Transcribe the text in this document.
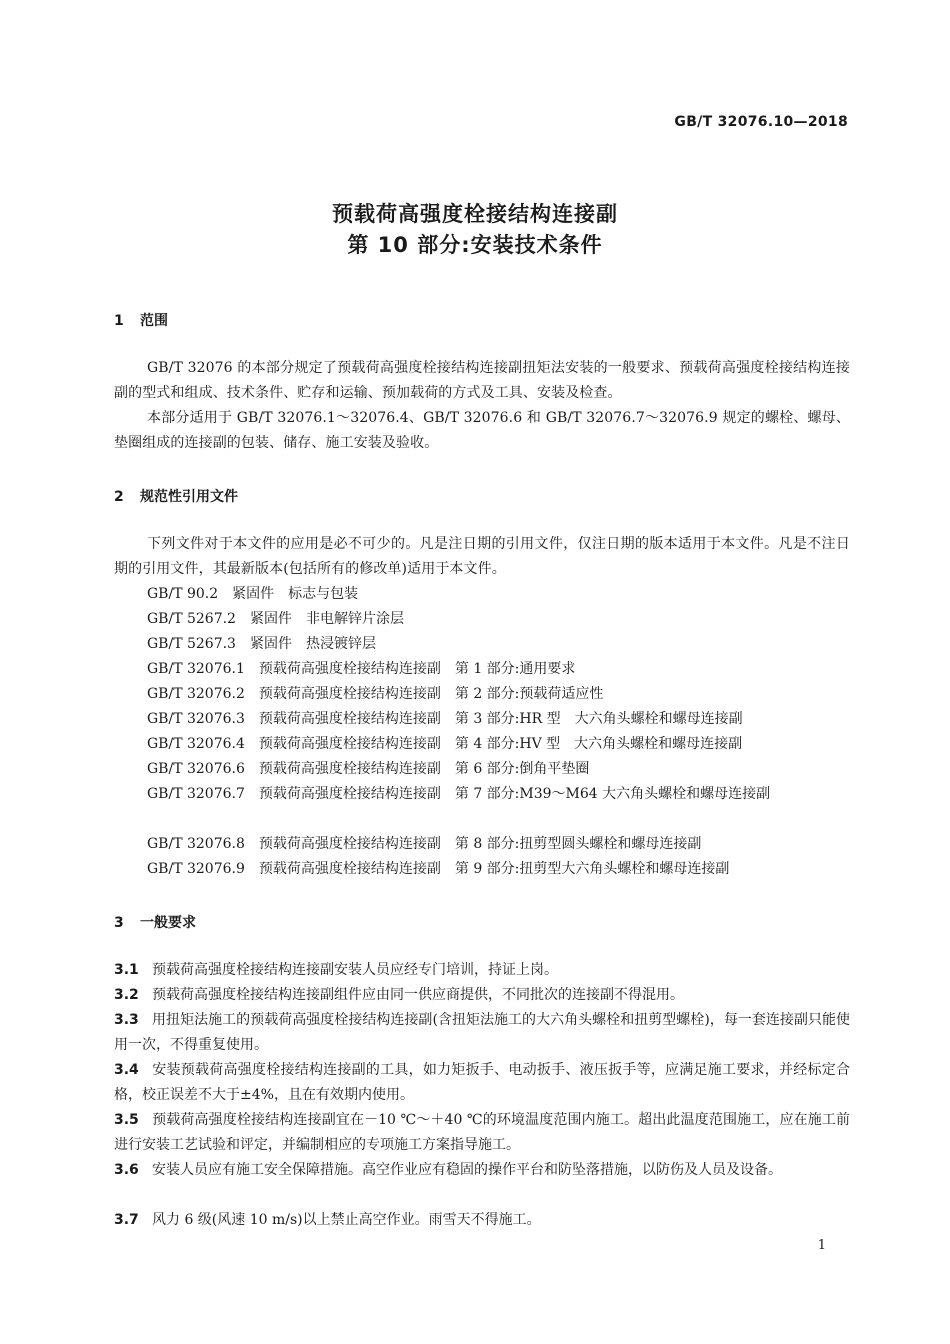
GB/T 32076.10—2018
预载荷高强度栓接结构连接副
第 10 部分:安装技术条件
1 范围
GB/T 32076 的本部分规定了预载荷高强度栓接结构连接副扭矩法安装的一般要求、预载荷高强度栓接结构连接副的型式和组成、技术条件、贮存和运输、预加载荷的方式及工具、安装及检查。
本部分适用于 GB/T 32076.1～32076.4、GB/T 32076.6 和 GB/T 32076.7～32076.9 规定的螺栓、螺母、垫圈组成的连接副的包装、储存、施工安装及验收。
2 规范性引用文件
下列文件对于本文件的应用是必不可少的。凡是注日期的引用文件，仅注日期的版本适用于本文件。凡是不注日期的引用文件，其最新版本(包括所有的修改单)适用于本文件。
GB/T 90.2 紧固件 标志与包装
GB/T 5267.2 紧固件 非电解锌片涂层
GB/T 5267.3 紧固件 热浸镀锌层
GB/T 32076.1 预载荷高强度栓接结构连接副 第 1 部分:通用要求
GB/T 32076.2 预载荷高强度栓接结构连接副 第 2 部分:预载荷适应性
GB/T 32076.3 预载荷高强度栓接结构连接副 第 3 部分:HR 型　大六角头螺栓和螺母连接副
GB/T 32076.4 预载荷高强度栓接结构连接副 第 4 部分:HV 型　大六角头螺栓和螺母连接副
GB/T 32076.6 预载荷高强度栓接结构连接副 第 6 部分:倒角平垫圈
GB/T 32076.7　预载荷高强度栓接结构连接副　第 7 部分:M39～M64 大六角头螺栓和螺母连接副
GB/T 32076.8 预载荷高强度栓接结构连接副 第 8 部分:扭剪型圆头螺栓和螺母连接副
GB/T 32076.9 预载荷高强度栓接结构连接副 第 9 部分:扭剪型大六角头螺栓和螺母连接副
3 一般要求
3.1 预载荷高强度栓接结构连接副安装人员应经专门培训，持证上岗。
3.2 预载荷高强度栓接结构连接副组件应由同一供应商提供，不同批次的连接副不得混用。
3.3 用扭矩法施工的预载荷高强度栓接结构连接副(含扭矩法施工的大六角头螺栓和扭剪型螺栓)，每一套连接副只能使用一次，不得重复使用。
3.4 安装预载荷高强度栓接结构连接副的工具，如力矩扳手、电动扳手、液压扳手等，应满足施工要求，并经标定合格，校正误差不大于±4%，且在有效期内使用。
3.5 预载荷高强度栓接结构连接副宜在－10 ℃～＋40 ℃的环境温度范围内施工。超出此温度范围施工，应在施工前进行安装工艺试验和评定，并编制相应的专项施工方案指导施工。
3.6 安装人员应有施工安全保障措施。高空作业应有稳固的操作平台和防坠落措施，以防伤及人员及设备。
3.7 风力 6 级(风速 10 m/s)以上禁止高空作业。雨雪天不得施工。
1
